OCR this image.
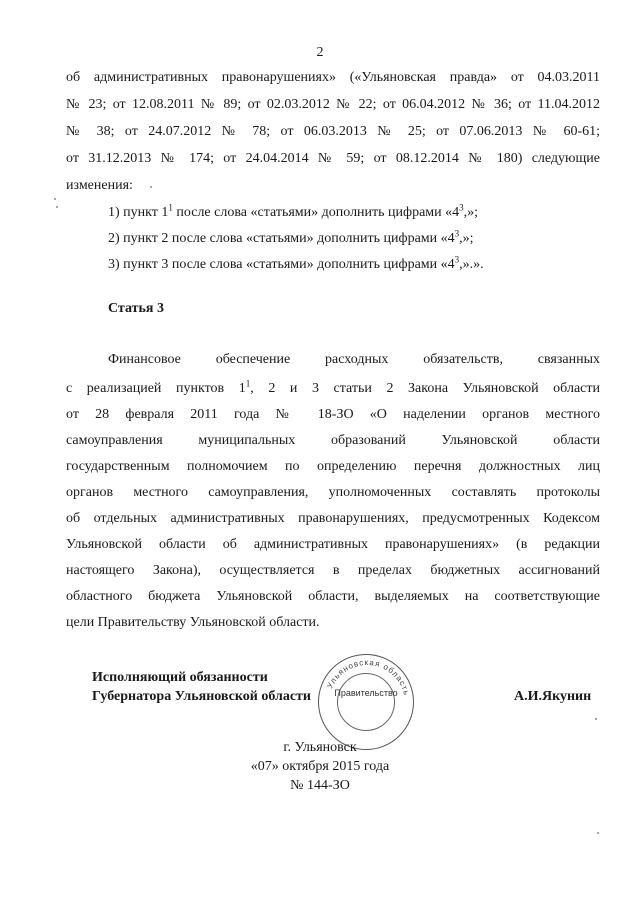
2
об административных правонарушениях» («Ульяновская правда» от 04.03.2011
№ 23; от 12.08.2011 № 89; от 02.03.2012 № 22; от 06.04.2012 № 36; от 11.04.2012
№ 38; от 24.07.2012 № 78; от 06.03.2013 № 25; от 07.06.2013 № 60-61;
от 31.12.2013 № 174; от 24.04.2014 № 59; от 08.12.2014 № 180) следующие
изменения:
1) пункт $1^1$ после слова «статьями» дополнить цифрами «$4^3$,»;
2) пункт 2 после слова «статьями» дополнить цифрами «$4^3$,»;
3) пункт 3 после слова «статьями» дополнить цифрами «$4^3$,».».
Статья 3
Финансовое обеспечение расходных обязательств, связанных
с реализацией пунктов $1^1$, 2 и 3 статьи 2 Закона Ульяновской области
от 28 февраля 2011 года № 18-ЗО «О наделении органов местного
самоуправления муниципальных образований Ульяновской области
государственным полномочием по определению перечня должностных лиц
органов местного самоуправления, уполномоченных составлять протоколы
об отдельных административных правонарушениях, предусмотренных Кодексом
Ульяновской области об административных правонарушениях» (в редакции
настоящего Закона), осуществляется в пределах бюджетных ассигнований
областного бюджета Ульяновской области, выделяемых на соответствующие
цели Правительству Ульяновской области.
Исполняющий обязанности
Губернатора Ульяновской области	А.И.Якунин
Ульяновская область
Правительство
г. Ульяновск
«07» октября 2015 года
№ 144-ЗО
